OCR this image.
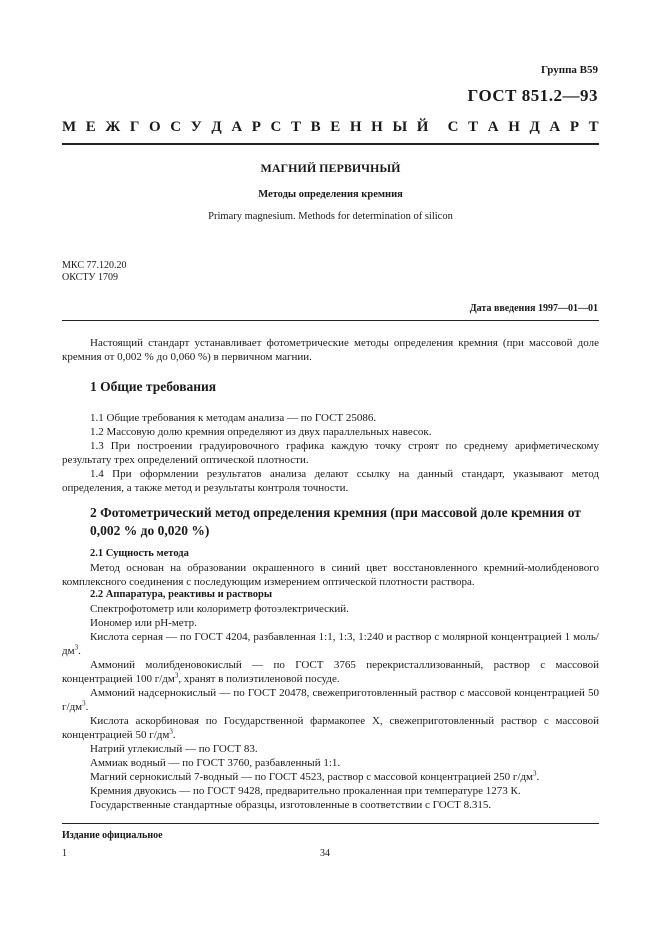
Группа В59
ГОСТ 851.2—93
М Е Ж Г О С У Д А Р С Т В Е Н Н Ы Й С Т А Н Д А Р Т
МАГНИЙ ПЕРВИЧНЫЙ
Методы определения кремния
Primary magnesium. Methods for determination of silicon
МКС 77.120.20
ОКСТУ 1709
Дата введения 1997—01—01
Настоящий стандарт устанавливает фотометрические методы определения кремния (при массовой доле кремния от 0,002 % до 0,060 %) в первичном магнии.
1 Общие требования
1.1 Общие требования к методам анализа — по ГОСТ 25086.
1.2 Массовую долю кремния определяют из двух параллельных навесок.
1.3 При построении градуировочного графика каждую точку строят по среднему арифметическому результату трех определений оптической плотности.
1.4 При оформлении результатов анализа делают ссылку на данный стандарт, указывают метод определения, а также метод и результаты контроля точности.
2 Фотометрический метод определения кремния (при массовой доле кремния от 0,002 % до 0,020 %)
2.1 Сущность метода
Метод основан на образовании окрашенного в синий цвет восстановленного кремний-молибденового комплексного соединения с последующим измерением оптической плотности раствора.
2.2 Аппаратура, реактивы и растворы
Спектрофотометр или колориметр фотоэлектрический.
Иономер или pH-метр.
Кислота серная — по ГОСТ 4204, разбавленная 1:1, 1:3, 1:240 и раствор с молярной концентрацией 1 моль/$дм^3$.
Аммоний молибденовокислый — по ГОСТ 3765 перекристаллизованный, раствор с массовой концентрацией 100 $г/дм^3$, хранят в полиэтиленовой посуде.
Аммоний надсернокислый — по ГОСТ 20478, свежеприготовленный раствор с массовой концентрацией 50 $г/дм^3$.
Кислота аскорбиновая по Государственной фармакопее X, свежеприготовленный раствор с массовой концентрацией 50 $г/дм^3$.
Натрий углекислый — по ГОСТ 83.
Аммиак водный — по ГОСТ 3760, разбавленный 1:1.
Магний сернокислый 7-водный — по ГОСТ 4523, раствор с массовой концентрацией 250 $г/дм^3$.
Кремния двуокись — по ГОСТ 9428, предварительно прокаленная при температуре 1273 К.
Государственные стандартные образцы, изготовленные в соответствии с ГОСТ 8.315.
Издание официальное
1	34
